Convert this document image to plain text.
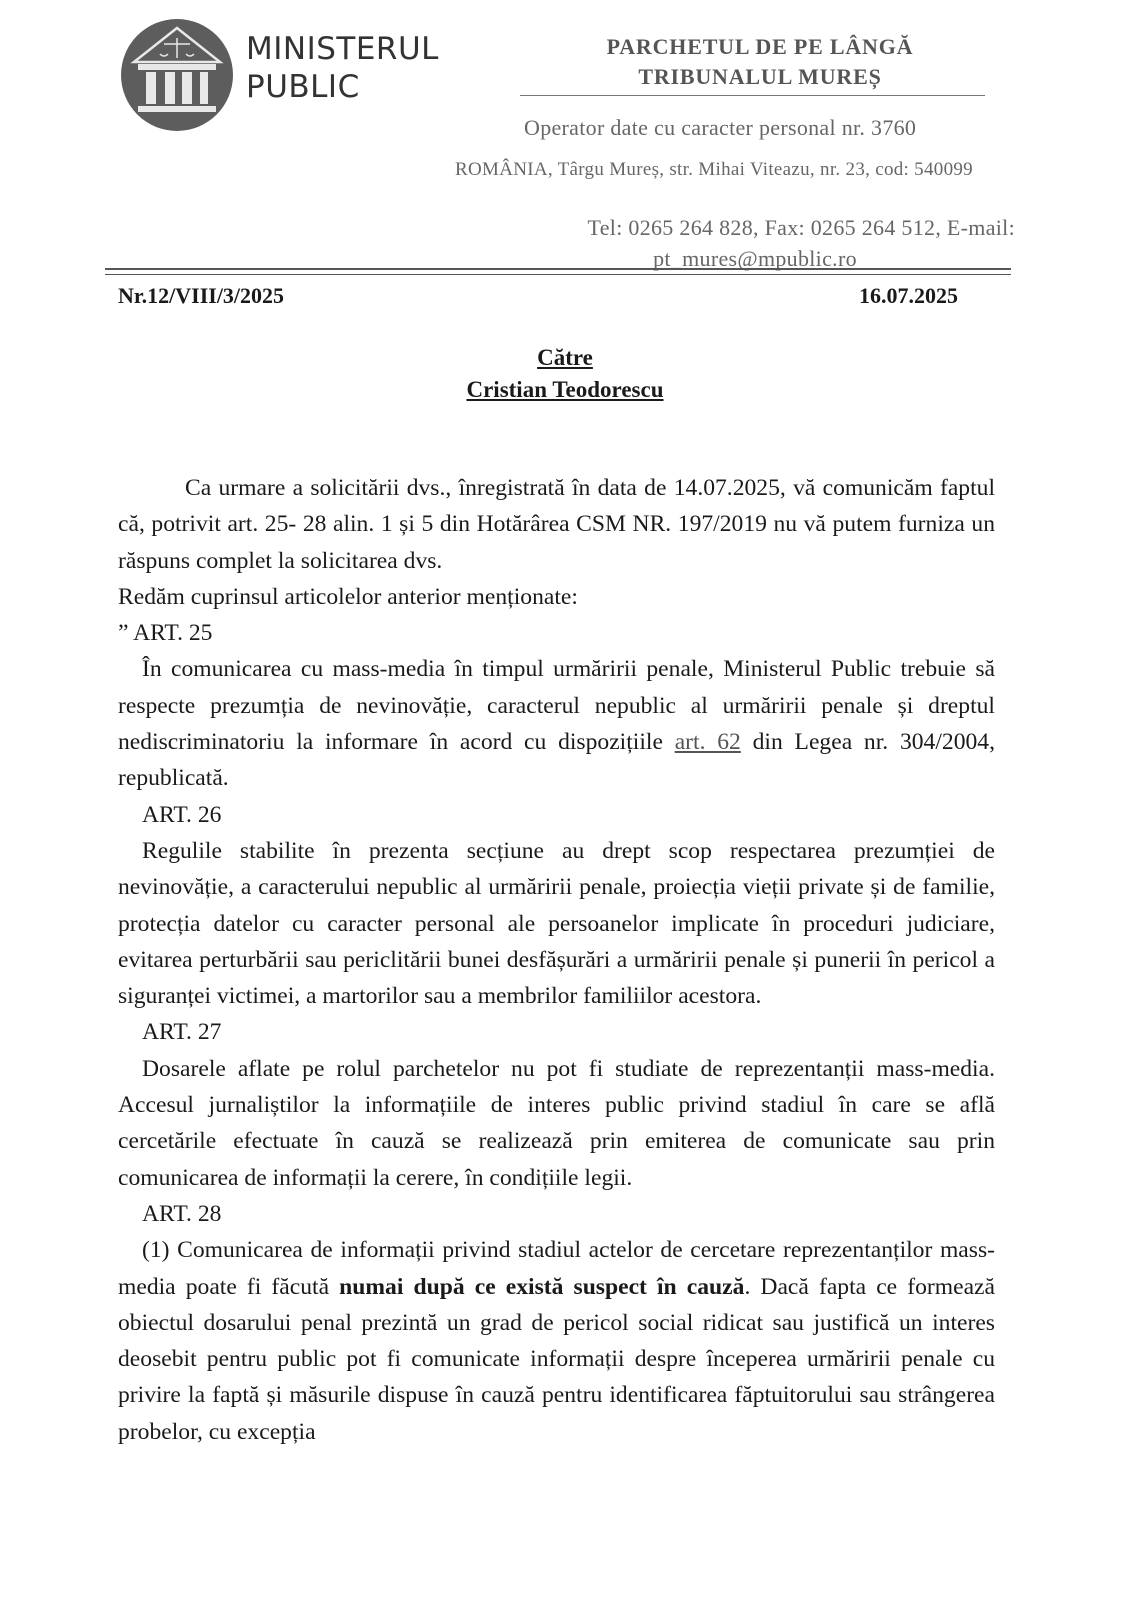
MINISTERUL
PUBLIC
PARCHETUL DE PE LÂNGĂ
TRIBUNALUL MUREȘ
Operator date cu caracter personal nr. 3760
ROMÂNIA, Târgu Mureș, str. Mihai Viteazu, nr. 23, cod: 540099
Tel: 0265 264 828, Fax: 0265 264 512, E-mail:
pt_mures@mpublic.ro
Nr.12/VIII/3/2025	16.07.2025
Către
Cristian Teodorescu

Ca urmare a solicitării dvs., înregistrată în data de 14.07.2025, vă comunicăm faptul că, potrivit art. 25- 28 alin. 1 și 5 din Hotărârea CSM NR. 197/2019 nu vă putem furniza un răspuns complet la solicitarea dvs.

Redăm cuprinsul articolelor anterior menționate:

” ART. 25

În comunicarea cu mass-media în timpul urmăririi penale, Ministerul Public trebuie să respecte prezumția de nevinovăție, caracterul nepublic al urmăririi penale și dreptul nediscriminatoriu la informare în acord cu dispozițiile art. 62 din Legea nr. 304/2004, republicată.

ART. 26

Regulile stabilite în prezenta secțiune au drept scop respectarea prezumției de nevinovăție, a caracterului nepublic al urmăririi penale, proiecția vieții private și de familie, protecția datelor cu caracter personal ale persoanelor implicate în proceduri judiciare, evitarea perturbării sau periclitării bunei desfășurări a urmăririi penale și punerii în pericol a siguranței victimei, a martorilor sau a membrilor familiilor acestora.

ART. 27

Dosarele aflate pe rolul parchetelor nu pot fi studiate de reprezentanții mass-media. Accesul jurnaliștilor la informațiile de interes public privind stadiul în care se află cercetările efectuate în cauză se realizează prin emiterea de comunicate sau prin comunicarea de informații la cerere, în condițiile legii.

ART. 28

(1) Comunicarea de informații privind stadiul actelor de cercetare reprezentanților mass-media poate fi făcută numai după ce există suspect în cauză. Dacă fapta ce formează obiectul dosarului penal prezintă un grad de pericol social ridicat sau justifică un interes deosebit pentru public pot fi comunicate informații despre începerea urmăririi penale cu privire la faptă și măsurile dispuse în cauză pentru identificarea făptuitorului sau strângerea probelor, cu excepția
